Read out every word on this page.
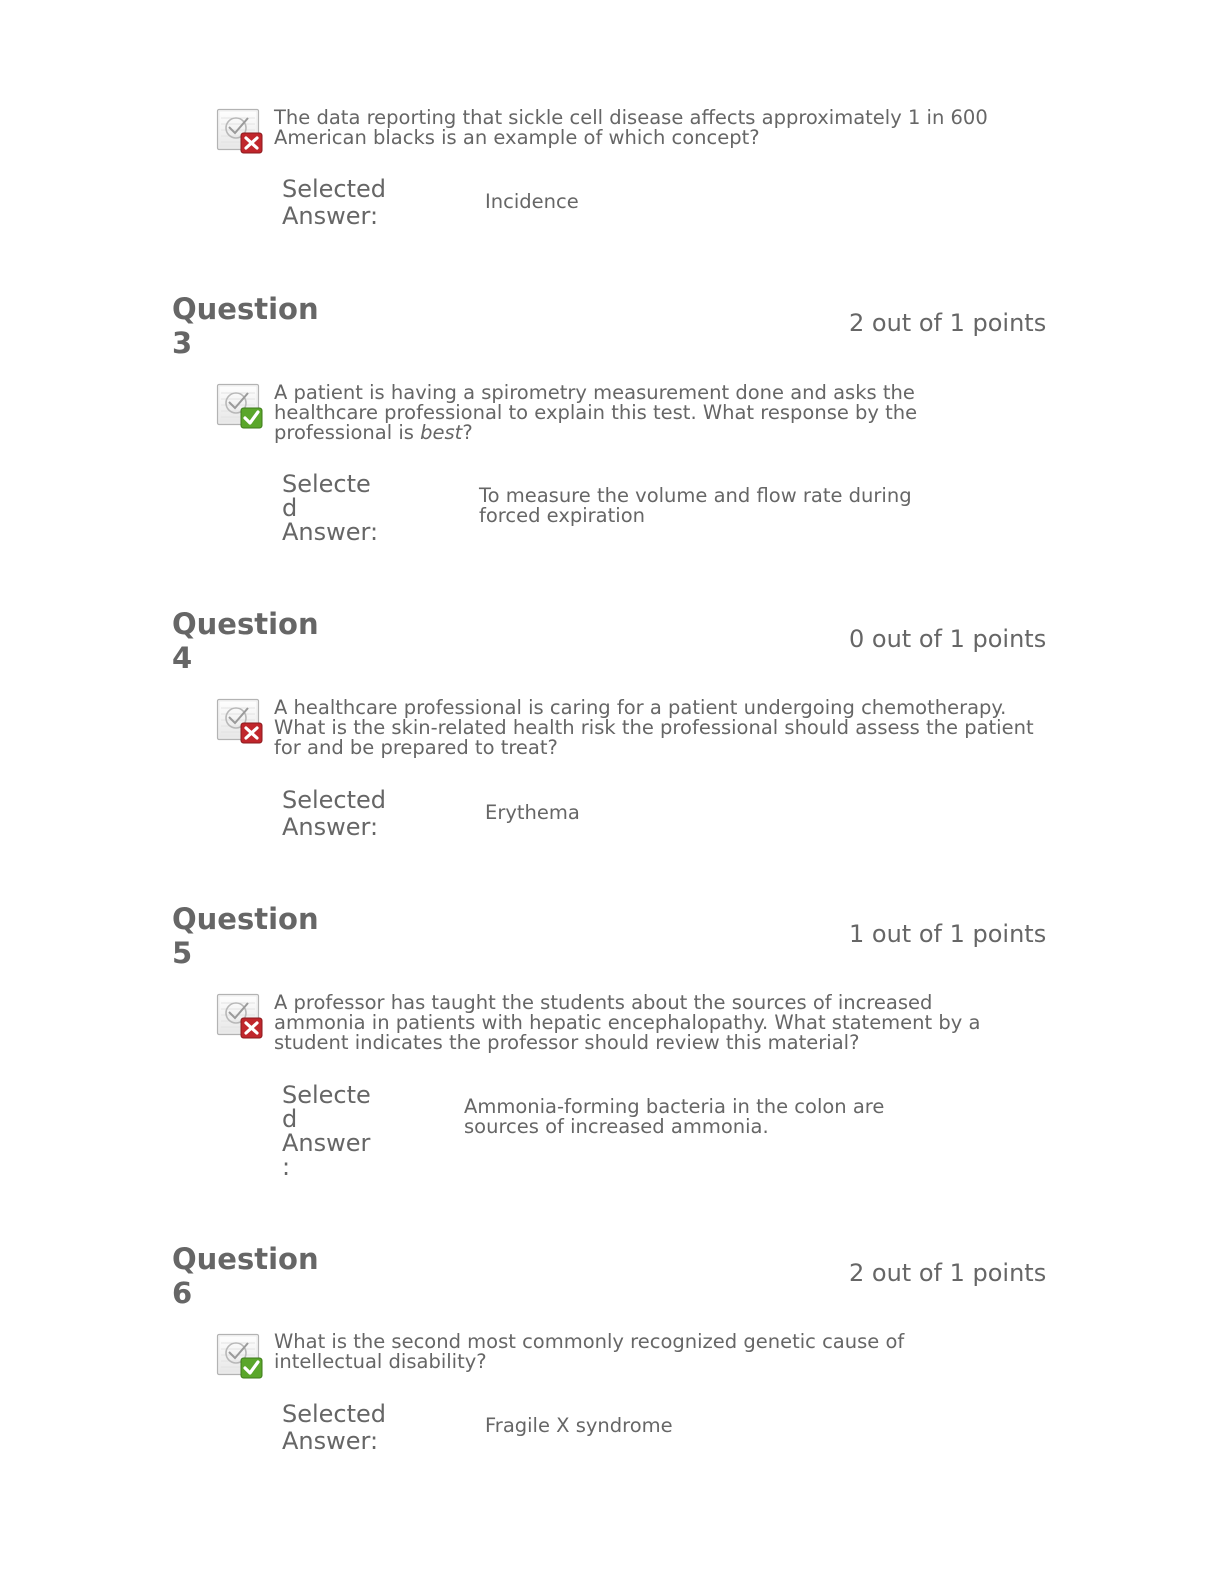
The data reporting that sickle cell disease affects approximately 1 in 600 American blacks is an example of which concept?

Selected
Answer:

Incidence

Question
3
2 out of 1 points

A patient is having a spirometry measurement done and asks the healthcare professional to explain this test. What response by the professional is best?

Selecte
d
Answer:

To measure the volume and flow rate during forced expiration

Question
4
0 out of 1 points

A healthcare professional is caring for a patient undergoing chemotherapy. What is the skin-related health risk the professional should assess the patient for and be prepared to treat?

Selected
Answer:

Erythema

Question
5
1 out of 1 points

A professor has taught the students about the sources of increased ammonia in patients with hepatic encephalopathy. What statement by a student indicates the professor should review this material?

Selecte
d
Answer
:

Ammonia-forming bacteria in the colon are sources of increased ammonia.

Question
6
2 out of 1 points

What is the second most commonly recognized genetic cause of intellectual disability?

Selected
Answer:

Fragile X syndrome
